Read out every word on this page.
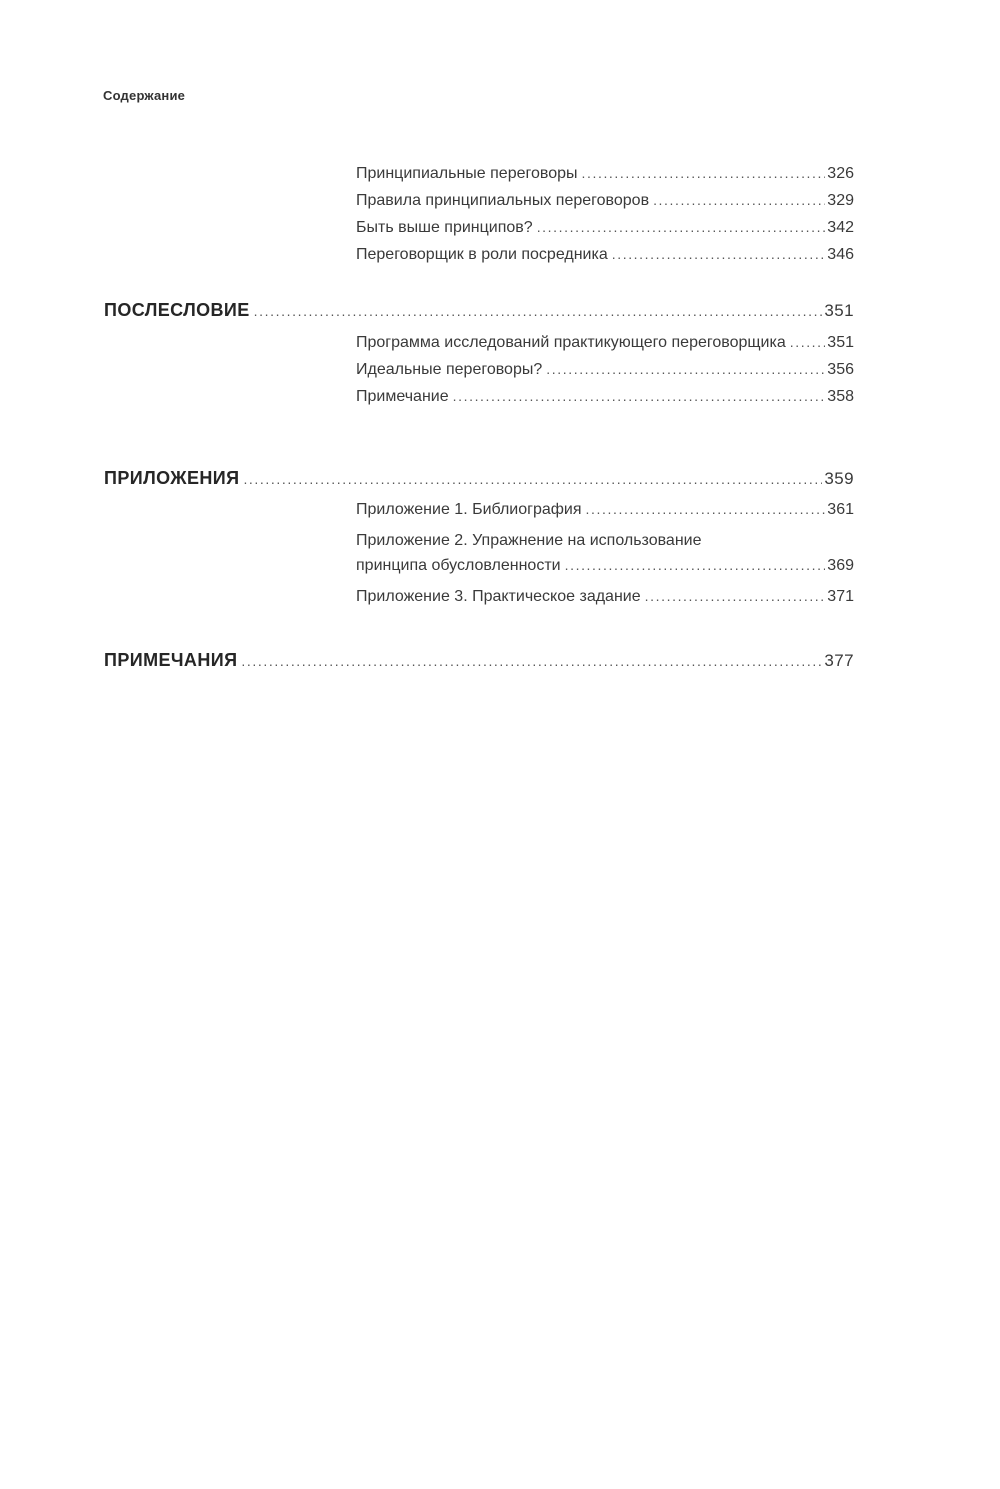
Содержание
Принципиальные переговоры .....	326
Правила принципиальных переговоров .....	329
Быть выше принципов? .....	342
Переговорщик в роли посредника .....	346
ПОСЛЕСЛОВИЕ .....	351
Программа исследований практикующего переговорщика .....	351
Идеальные переговоры? .....	356
Примечание .....	358
ПРИЛОЖЕНИЯ .....	359
Приложение 1. Библиография .....	361
Приложение 2. Упражнение на использование
принципа обусловленности .....	369
Приложение 3. Практическое задание .....	371
ПРИМЕЧАНИЯ .....	377
